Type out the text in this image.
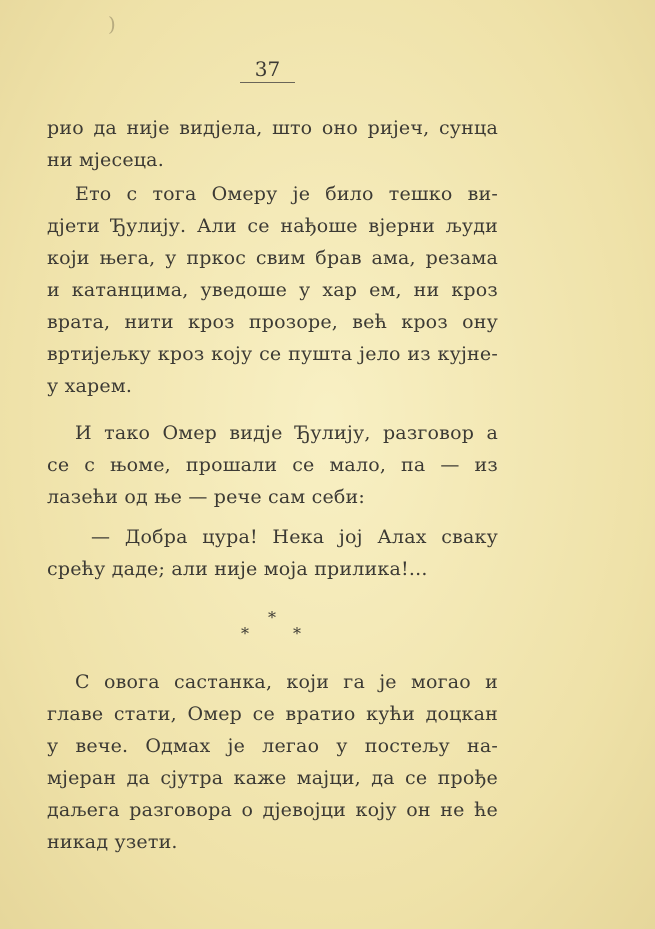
)
37
рио да није видјела, што оно ријеч, сунца
ни мјесеца.
Ето с тога Омеру је било тешко ви-
дјети Ђулију. Али се нађоше вјерни људи
који њега, у пркос свим брав ама, резама
и катанцима, уведоше у хар ем, ни кроз
врата, нити кроз прозоре, већ кроз ону
вртијељку кроз коју се пушта јело из кујне-
у харем.
И тако Омер видје Ђулију, разговор а
се с њоме, прошали се мало, па — из
лазећи од ње — рече сам себи:
— Добра цура! Нека јој Алах сваку
срећу даде; али није моја прилика!...
*
*	*
С овога састанка, који га је могао и
главе стати, Омер се вратио кући доцкан
у вече. Одмах је легао у постељу на-
мјеран да сјутра каже мајци, да се прође
даљега разговора о дјевојци коју он не ће
никад узети.
